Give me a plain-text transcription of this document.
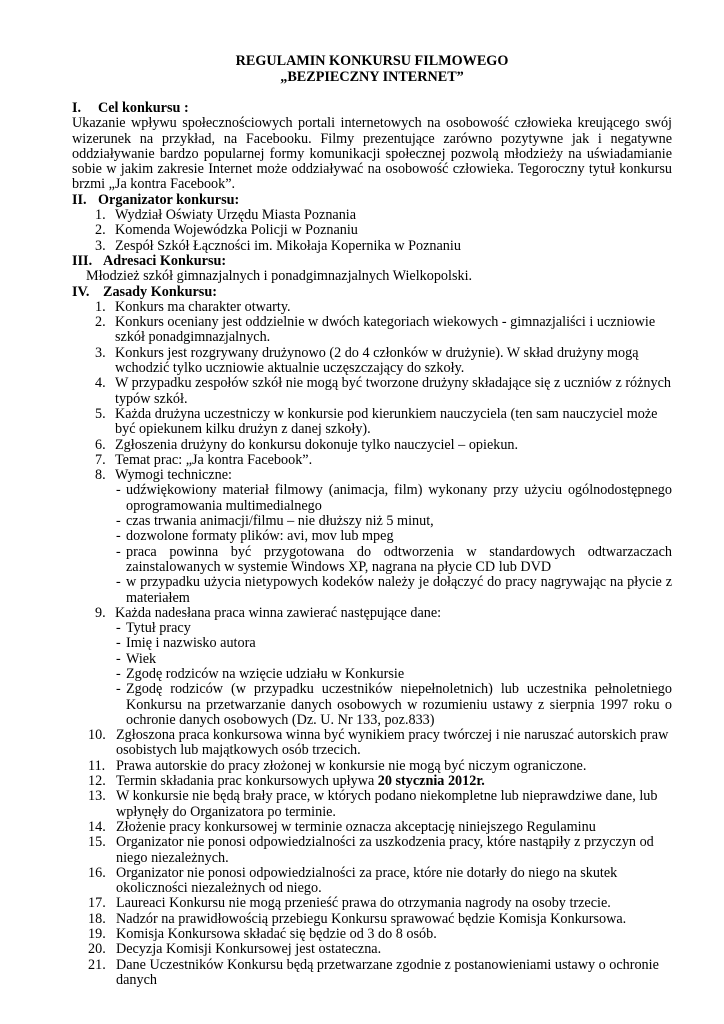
REGULAMIN KONKURSU FILMOWEGO
„BEZPIECZNY INTERNET”
I. Cel konkursu :
Ukazanie wpływu społecznościowych portali internetowych na osobowość człowieka kreującego swój wizerunek na przykład, na Facebooku. Filmy prezentujące zarówno pozytywne jak i negatywne oddziaływanie bardzo popularnej formy komunikacji społecznej pozwolą młodzieży na uświadamianie sobie w jakim zakresie Internet może oddziaływać na osobowość człowieka. Tegoroczny tytuł konkursu brzmi „Ja kontra Facebook”.
II. Organizator konkursu:
1. Wydział Oświaty Urzędu Miasta Poznania
2. Komenda Wojewódzka Policji w Poznaniu
3. Zespół Szkół Łączności im. Mikołaja Kopernika w Poznaniu
III. Adresaci Konkursu:
Młodzież szkół gimnazjalnych i ponadgimnazjalnych Wielkopolski.
IV. Zasady Konkursu:
1. Konkurs ma charakter otwarty.
2. Konkurs oceniany jest oddzielnie w dwóch kategoriach wiekowych - gimnazjaliści i uczniowie szkół ponadgimnazjalnych.
3. Konkurs jest rozgrywany drużynowo (2 do 4 członków w drużynie). W skład drużyny mogą wchodzić tylko uczniowie aktualnie uczęszczający do szkoły.
4. W przypadku zespołów szkół nie mogą być tworzone drużyny składające się z uczniów z różnych typów szkół.
5. Każda drużyna uczestniczy w konkursie pod kierunkiem nauczyciela (ten sam nauczyciel może być opiekunem kilku drużyn z danej szkoły).
6. Zgłoszenia drużyny do konkursu dokonuje tylko nauczyciel – opiekun.
7. Temat prac: „Ja kontra Facebook”.
8. Wymogi techniczne:
- udźwiękowiony materiał filmowy (animacja, film) wykonany przy użyciu ogólnodostępnego oprogramowania multimedialnego
- czas trwania animacji/filmu – nie dłuższy niż 5 minut,
- dozwolone formaty plików: avi, mov lub mpeg
- praca powinna być przygotowana do odtworzenia w standardowych odtwarzaczach zainstalowanych w systemie Windows XP, nagrana na płycie CD lub DVD
- w przypadku użycia nietypowych kodeków należy je dołączyć do pracy nagrywając na płycie z materiałem
9. Każda nadesłana praca winna zawierać następujące dane:
- Tytuł pracy
- Imię i nazwisko autora
- Wiek
- Zgodę rodziców na wzięcie udziału w Konkursie
- Zgodę rodziców (w przypadku uczestników niepełnoletnich) lub uczestnika pełnoletniego Konkursu na przetwarzanie danych osobowych w rozumieniu ustawy z sierpnia 1997 roku o ochronie danych osobowych (Dz. U. Nr 133, poz.833)
10. Zgłoszona praca konkursowa winna być wynikiem pracy twórczej i nie naruszać autorskich praw osobistych lub majątkowych osób trzecich.
11. Prawa autorskie do pracy złożonej w konkursie nie mogą być niczym ograniczone.
12. Termin składania prac konkursowych upływa 20 stycznia 2012r.
13. W konkursie nie będą brały prace, w których podano niekompletne lub nieprawdziwe dane, lub wpłynęły do Organizatora po terminie.
14. Złożenie pracy konkursowej w terminie oznacza akceptację niniejszego Regulaminu
15. Organizator nie ponosi odpowiedzialności za uszkodzenia pracy, które nastąpiły z przyczyn od niego niezależnych.
16. Organizator nie ponosi odpowiedzialności za prace, które nie dotarły do niego na skutek okoliczności niezależnych od niego.
17. Laureaci Konkursu nie mogą przenieść prawa do otrzymania nagrody na osoby trzecie.
18. Nadzór na prawidłowością przebiegu Konkursu sprawować będzie Komisja Konkursowa.
19. Komisja Konkursowa składać się będzie od 3 do 8 osób.
20. Decyzja Komisji Konkursowej jest ostateczna.
21. Dane Uczestników Konkursu będą przetwarzane zgodnie z postanowieniami ustawy o ochronie danych
